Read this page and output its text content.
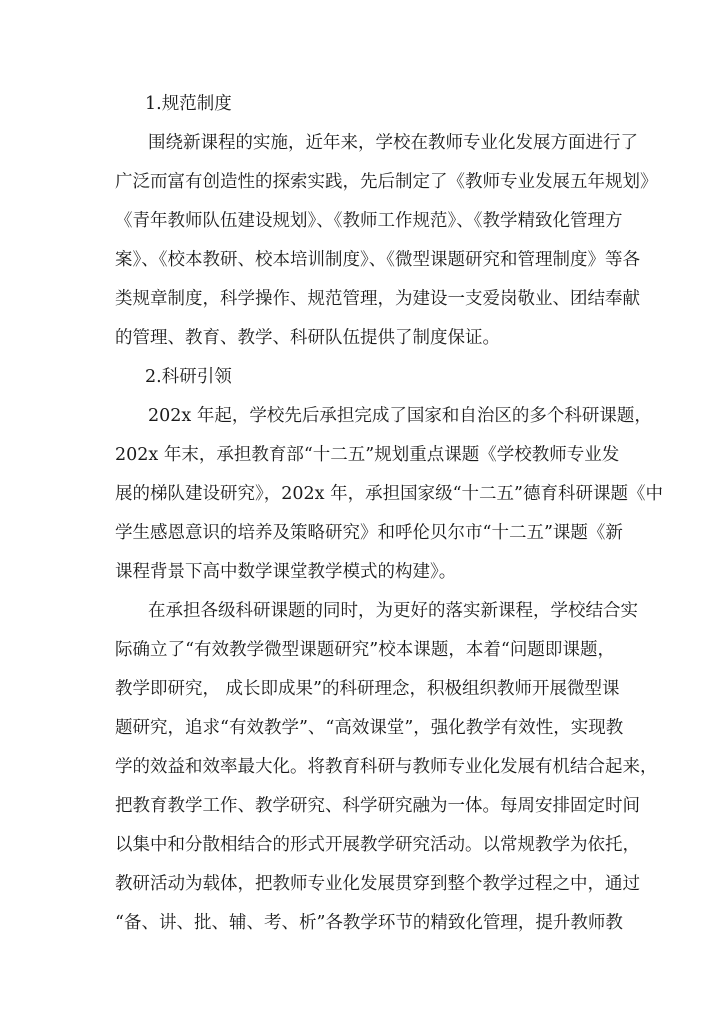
1.规范制度
围绕新课程的实施，近年来，学校在教师专业化发展方面进行了
广泛而富有创造性的探索实践，先后制定了《教师专业发展五年规划》
《青年教师队伍建设规划》、《教师工作规范》、《教学精致化管理方
案》、《校本教研、校本培训制度》、《微型课题研究和管理制度》等各
类规章制度，科学操作、规范管理，为建设一支爱岗敬业、团结奉献
的管理、教育、教学、科研队伍提供了制度保证。
2.科研引领
202x 年起，学校先后承担完成了国家和自治区的多个科研课题，
202x 年末，承担教育部“十二五”规划重点课题《学校教师专业发
展的梯队建设研究》，202x 年，承担国家级“十二五”德育科研课题《中
学生感恩意识的培养及策略研究》和呼伦贝尔市“十二五”课题《新
课程背景下高中数学课堂教学模式的构建》。
在承担各级科研课题的同时，为更好的落实新课程，学校结合实
际确立了“有效教学微型课题研究”校本课题，本着“问题即课题，
教学即研究， 成长即成果”的科研理念，积极组织教师开展微型课
题研究，追求“有效教学”、“高效课堂”，强化教学有效性，实现教
学的效益和效率最大化。将教育科研与教师专业化发展有机结合起来，
把教育教学工作、教学研究、科学研究融为一体。每周安排固定时间
以集中和分散相结合的形式开展教学研究活动。以常规教学为依托，
教研活动为载体，把教师专业化发展贯穿到整个教学过程之中，通过
“备、讲、批、辅、考、析”各教学环节的精致化管理，提升教师教
